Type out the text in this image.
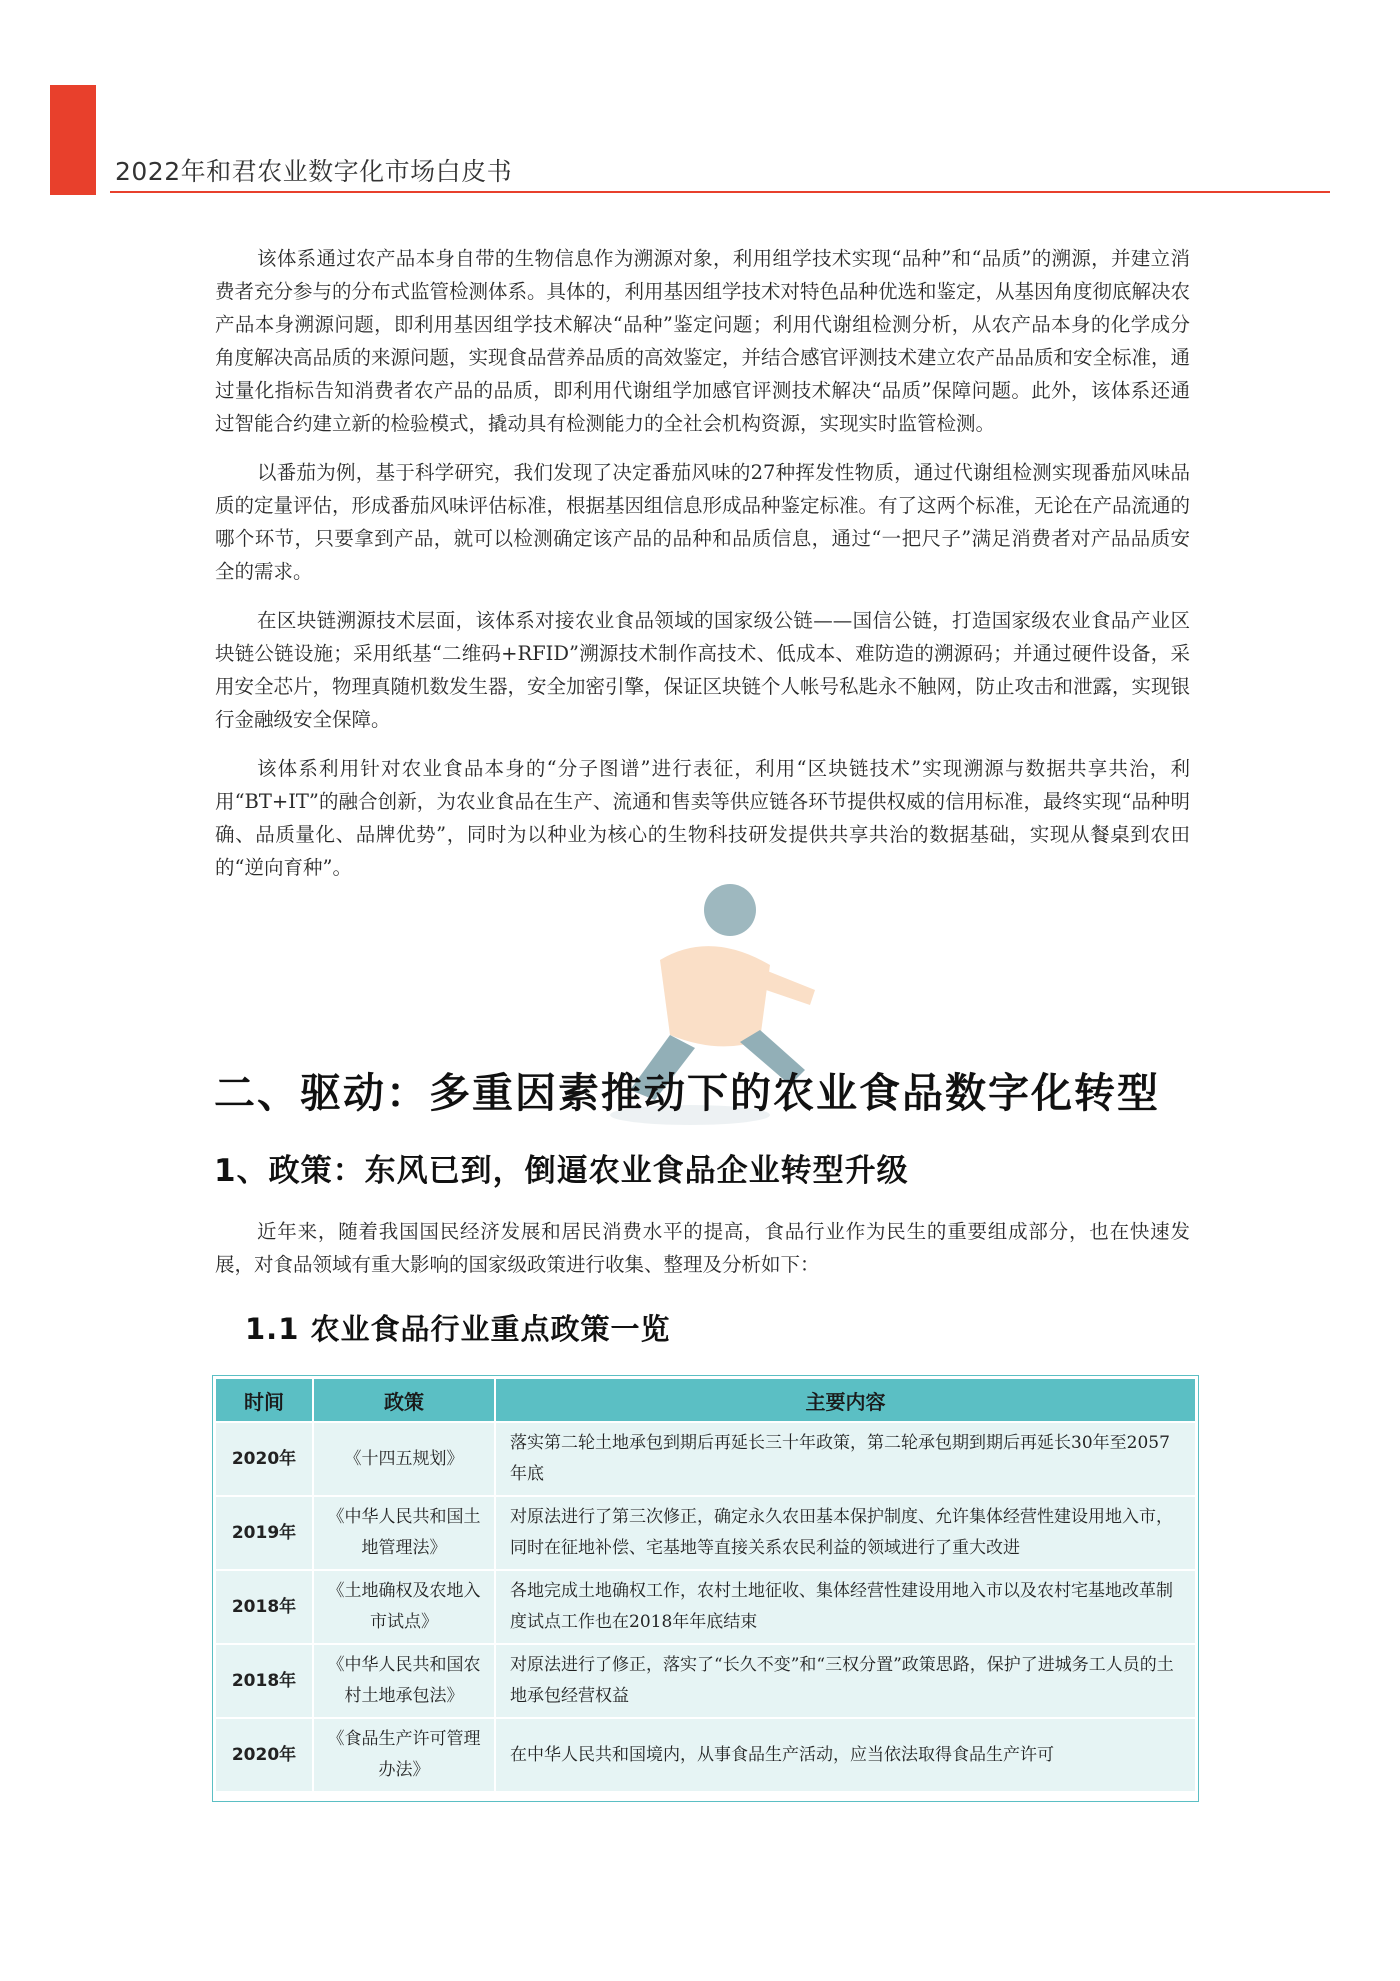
2022年和君农业数字化市场白皮书

该体系通过农产品本身自带的生物信息作为溯源对象，利用组学技术实现“品种”和“品质”的溯源，并建立消费者充分参与的分布式监管检测体系。具体的，利用基因组学技术对特色品种优选和鉴定，从基因角度彻底解决农产品本身溯源问题，即利用基因组学技术解决“品种”鉴定问题；利用代谢组检测分析，从农产品本身的化学成分角度解决高品质的来源问题，实现食品营养品质的高效鉴定，并结合感官评测技术建立农产品品质和安全标准，通过量化指标告知消费者农产品的品质，即利用代谢组学加感官评测技术解决“品质”保障问题。此外，该体系还通过智能合约建立新的检验模式，撬动具有检测能力的全社会机构资源，实现实时监管检测。

以番茄为例，基于科学研究，我们发现了决定番茄风味的27种挥发性物质，通过代谢组检测实现番茄风味品质的定量评估，形成番茄风味评估标准，根据基因组信息形成品种鉴定标准。有了这两个标准，无论在产品流通的哪个环节，只要拿到产品，就可以检测确定该产品的品种和品质信息，通过“一把尺子”满足消费者对产品品质安全的需求。

在区块链溯源技术层面，该体系对接农业食品领域的国家级公链——国信公链，打造国家级农业食品产业区块链公链设施；采用纸基“二维码+RFID”溯源技术制作高技术、低成本、难防造的溯源码；并通过硬件设备，采用安全芯片，物理真随机数发生器，安全加密引擎，保证区块链个人帐号私匙永不触网，防止攻击和泄露，实现银行金融级安全保障。

该体系利用针对农业食品本身的“分子图谱”进行表征，利用“区块链技术”实现溯源与数据共享共治，利用“BT+IT”的融合创新，为农业食品在生产、流通和售卖等供应链各环节提供权威的信用标准，最终实现“品种明确、品质量化、品牌优势”，同时为以种业为核心的生物科技研发提供共享共治的数据基础，实现从餐桌到农田的“逆向育种”。

二、驱动：多重因素推动下的农业食品数字化转型
1、政策：东风已到，倒逼农业食品企业转型升级

近年来，随着我国国民经济发展和居民消费水平的提高，食品行业作为民生的重要组成部分，也在快速发展，对食品领域有重大影响的国家级政策进行收集、整理及分析如下：

1.1 农业食品行业重点政策一览
时间	政策	主要内容
2020年	《十四五规划》	落实第二轮土地承包到期后再延长三十年政策，第二轮承包期到期后再延长30年至2057年底
2019年	《中华人民共和国土地管理法》	对原法进行了第三次修正，确定永久农田基本保护制度、允许集体经营性建设用地入市，同时在征地补偿、宅基地等直接关系农民利益的领域进行了重大改进
2018年	《土地确权及农地入市试点》	各地完成土地确权工作，农村土地征收、集体经营性建设用地入市以及农村宅基地改革制度试点工作也在2018年年底结束
2018年	《中华人民共和国农村土地承包法》	对原法进行了修正，落实了“长久不变”和“三权分置”政策思路，保护了进城务工人员的土地承包经营权益
2020年	《食品生产许可管理办法》	在中华人民共和国境内，从事食品生产活动，应当依法取得食品生产许可
